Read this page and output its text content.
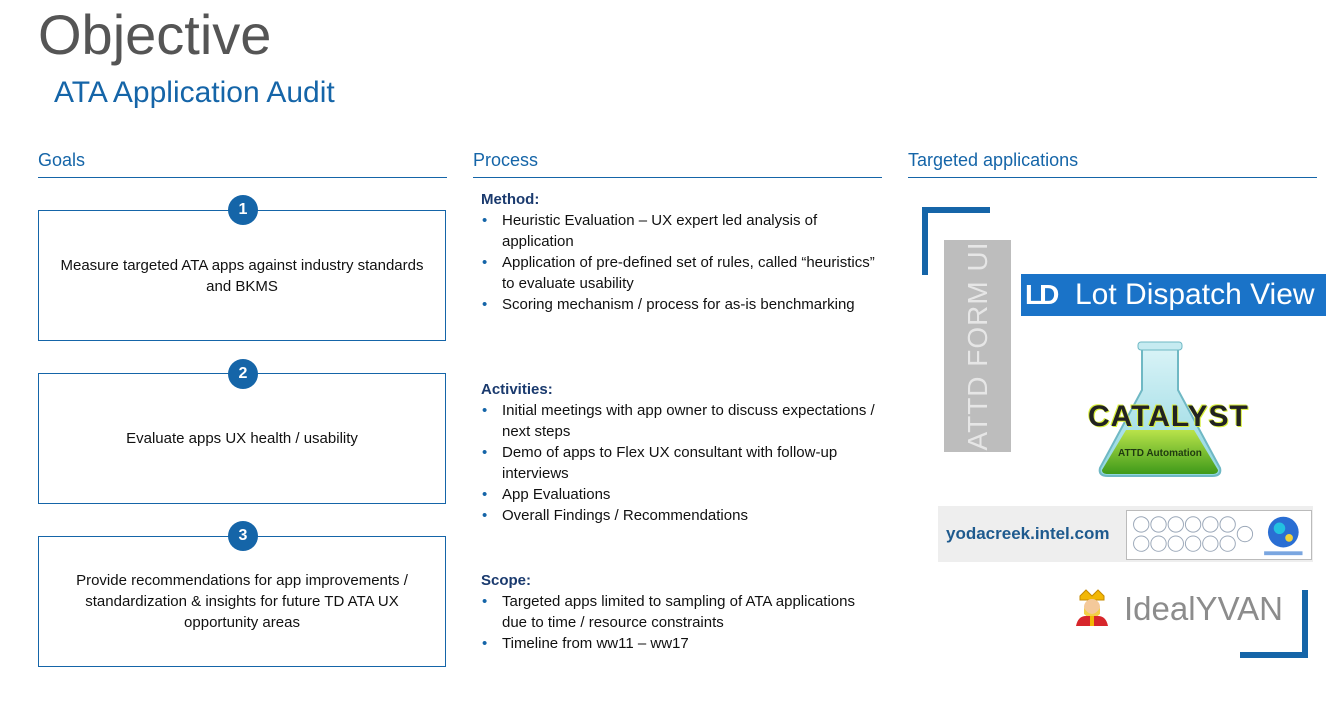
Objective
ATA Application Audit
Goals	Process	Targeted applications
Measure targeted ATA apps against industry standards and BKMS
1
Evaluate apps UX health / usability
2
Provide recommendations for app improvements / standardization & insights for future TD ATA UX opportunity areas
3
Method:
• Heuristic Evaluation – UX expert led analysis of application
• Application of pre-defined set of rules, called “heuristics” to evaluate usability
• Scoring mechanism / process for as-is benchmarking
Activities:
• Initial meetings with app owner to discuss expectations / next steps
• Demo of apps to Flex UX consultant with follow-up interviews
• App Evaluations
• Overall Findings / Recommendations
Scope:
• Targeted apps limited to sampling of ATA applications due to time / resource constraints
• Timeline from ww11 – ww17
ATTD FORM UI LD Lot Dispatch View
CATALYST
ATTD Automation
yodacreek.intel.com
IdealYVAN
